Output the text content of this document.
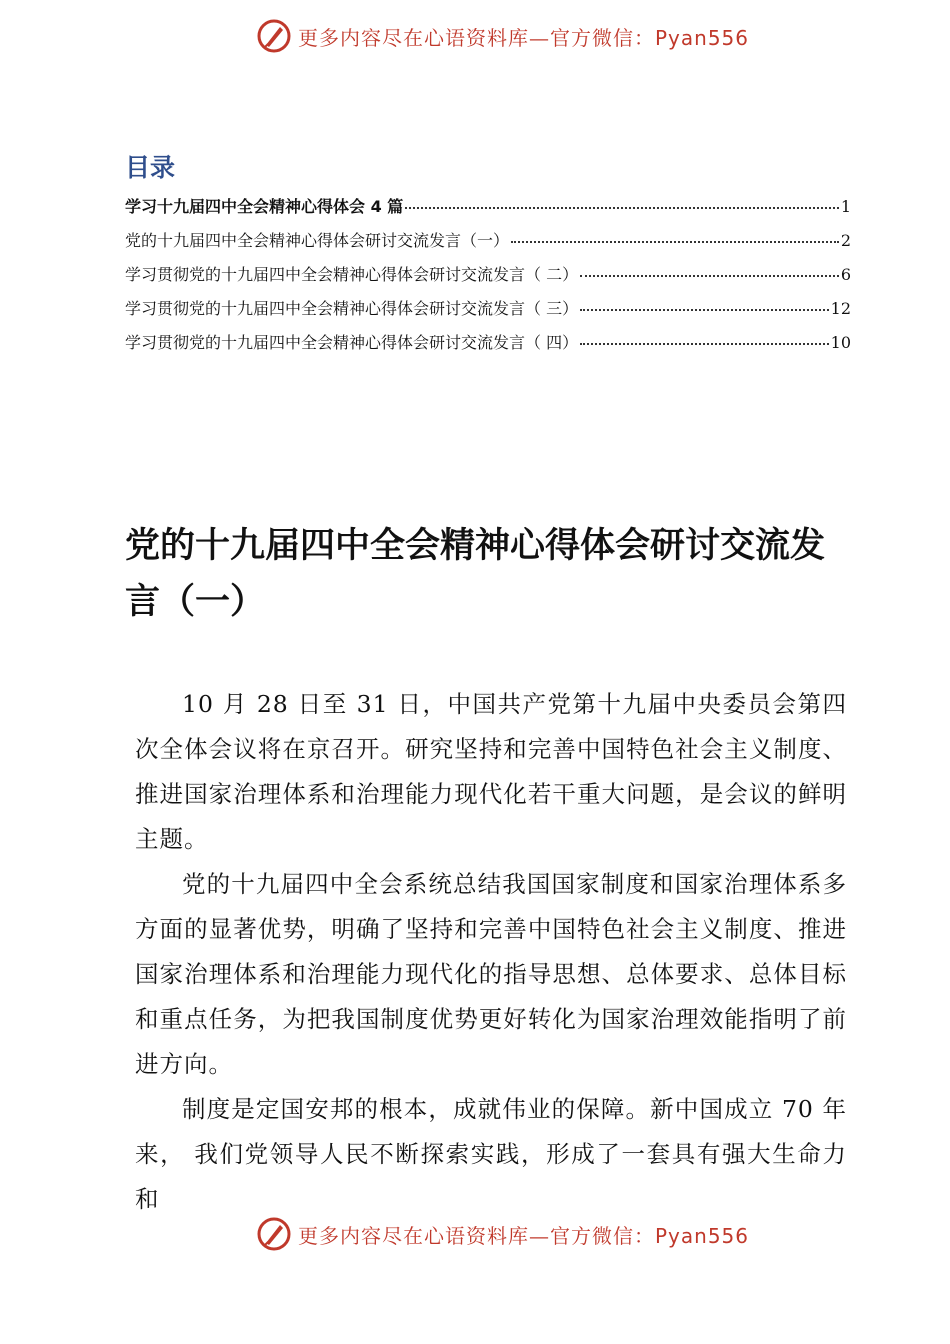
更多内容尽在心语资料库—官方微信：Pyan556
目录
学习十九届四中全会精神心得体会 4 篇	1
党的十九届四中全会精神心得体会研讨交流发言（一）	2
学习贯彻党的十九届四中全会精神心得体会研讨交流发言（ 二）	6
学习贯彻党的十九届四中全会精神心得体会研讨交流发言（ 三）	12
学习贯彻党的十九届四中全会精神心得体会研讨交流发言（ 四）	10
党的十九届四中全会精神心得体会研讨交流发言（一）

10 月 28 日至 31 日，中国共产党第十九届中央委员会第四次全体会议将在京召开。研究坚持和完善中国特色社会主义制度、推进国家治理体系和治理能力现代化若干重大问题，是会议的鲜明主题。

党的十九届四中全会系统总结我国国家制度和国家治理体系多方面的显著优势，明确了坚持和完善中国特色社会主义制度、推进国家治理体系和治理能力现代化的指导思想、总体要求、总体目标和重点任务，为把我国制度优势更好转化为国家治理效能指明了前进方向。

制度是定国安邦的根本，成就伟业的保障。新中国成立 70 年来， 我们党领导人民不断探索实践，形成了一套具有强大生命力和

更多内容尽在心语资料库—官方微信：Pyan556
